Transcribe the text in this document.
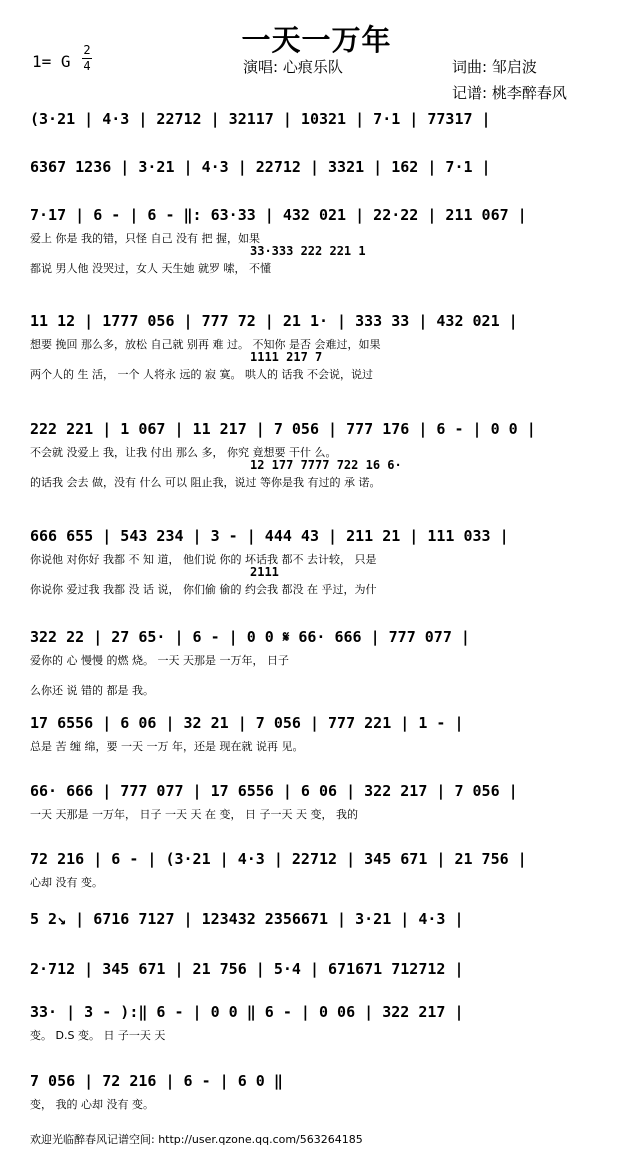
一天一万年
1= G
2
4	演唱: 心痕乐队	词曲: 邹启波
记谱: 桃李醉春风
(3·21 | 4·3 | 22712 | 32117 | 10321 | 7·1 | 77317 |
6367 1236 | 3·21 | 4·3 | 22712 | 3321 | 162 | 7·1 |
7·17 | 6 - | 6 - ‖: 63·33 | 432 021 | 22·22 | 211 067 |
爱上 你是 我的错，只怪 自己 没有 把 握，如果
33·333 222 221 1
都说 男人他 没哭过，女人 天生她 就罗 嗦， 不懂
11 12 | 1777 056 | 777 72 | 21 1· | 333 33 | 432 021 |
想要 挽回 那么多，放松 自己就 别再 难 过。 不知你 是否 会难过，如果
1111 217 7
两个人的 生 活， 一个 人将永 远的 寂 寞。 哄人的 话我 不会说，说过
222 221 | 1 067 | 11 217 | 7 056 | 777 176 | 6 - | 0 0 |
不会就 没爱上 我，让我 付出 那么 多， 你究 竟想要 干什 么。
12 177 7777 722 16 6·
的话我 会去 做，没有 什么 可以 阻止我，说过 等你是我 有过的 承 诺。
666 655 | 543 234 | 3 - | 444 43 | 211 21 | 111 033 |
你说他 对你好 我都 不 知 道， 他们说 你的 坏话我 都不 去计较， 只是
2111
你说你 爱过我 我都 没 话 说， 你们偷 偷的 约会我 都没 在 乎过，为什
322 22 | 27 65· | 6 - | 0 0 𝄋 66· 666 | 777 077 |
爱你的 心 慢慢 的燃 烧。 一天 天那是 一万年， 日子
么你还 说 错的 都是 我。
17 6556 | 6 06 | 32 21 | 7 056 | 777 221 | 1 - |
总是 苦 缠 绵，要 一天 一万 年，还是 现在就 说再 见。
66· 666 | 777 077 | 17 6556 | 6 06 | 322 217 | 7 056 |
一天 天那是 一万年， 日子 一天 天 在 变， 日 子一天 天 变， 我的
72 216 | 6 - | (3·21 | 4·3 | 22712 | 345 671 | 21 756 |
心却 没有 变。
5 2↘ | 6716 7127 | 123432 2356671 | 3·21 | 4·3 |
2·712 | 345 671 | 21 756 | 5·4 | 671671 712712 |
33· | 3 - ):‖ 6 - | 0 0 ‖ 6 - | 0 06 | 322 217 |
变。 D.S 变。 日 子一天 天
7 056 | 72 216 | 6 - | 6 0 ‖
变， 我的 心却 没有 变。
欢迎光临醉春风记谱空间: http://user.qzone.qq.com/563264185
